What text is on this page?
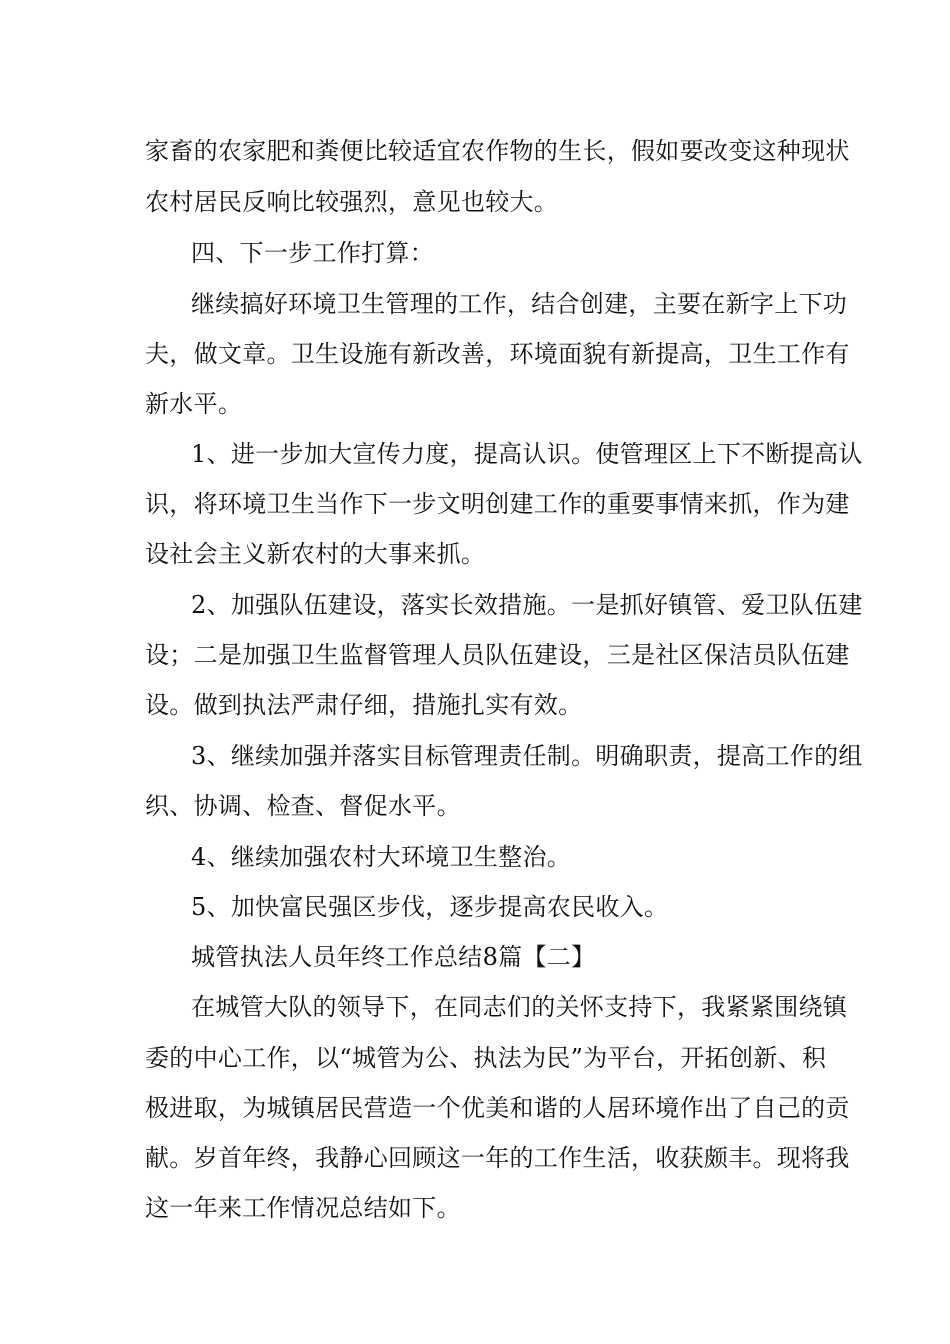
家畜的农家肥和粪便比较适宜农作物的生长，假如要改变这种现状
农村居民反响比较强烈，意见也较大。
四、下一步工作打算：
继续搞好环境卫生管理的工作，结合创建，主要在新字上下功
夫，做文章。卫生设施有新改善，环境面貌有新提高，卫生工作有
新水平。
1、进一步加大宣传力度，提高认识。使管理区上下不断提高认
识，将环境卫生当作下一步文明创建工作的重要事情来抓，作为建
设社会主义新农村的大事来抓。
2、加强队伍建设，落实长效措施。一是抓好镇管、爱卫队伍建
设；二是加强卫生监督管理人员队伍建设，三是社区保洁员队伍建
设。做到执法严肃仔细，措施扎实有效。
3、继续加强并落实目标管理责任制。明确职责，提高工作的组
织、协调、检查、督促水平。
4、继续加强农村大环境卫生整治。
5、加快富民强区步伐，逐步提高农民收入。
城管执法人员年终工作总结8篇【二】
在城管大队的领导下，在同志们的关怀支持下，我紧紧围绕镇
委的中心工作，以“城管为公、执法为民”为平台，开拓创新、积
极进取，为城镇居民营造一个优美和谐的人居环境作出了自己的贡
献。岁首年终，我静心回顾这一年的工作生活，收获颇丰。现将我
这一年来工作情况总结如下。
